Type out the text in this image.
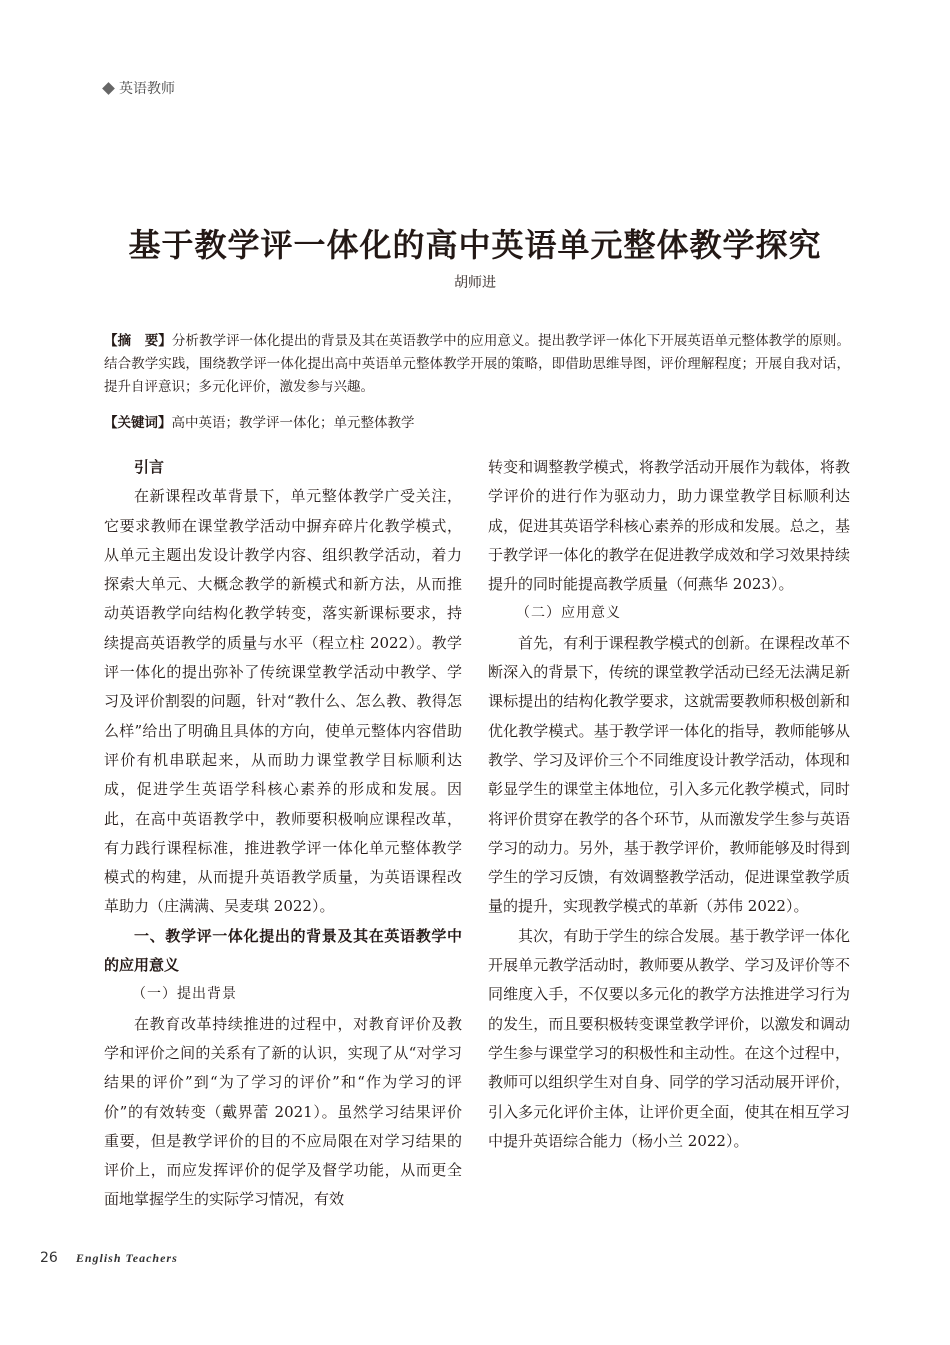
英语教师
基于教学评一体化的高中英语单元整体教学探究
胡师进
【摘　要】分析教学评一体化提出的背景及其在英语教学中的应用意义。提出教学评一体化下开展英语单元整体教学的原则。结合教学实践，围绕教学评一体化提出高中英语单元整体教学开展的策略，即借助思维导图，评价理解程度；开展自我对话，提升自评意识；多元化评价，激发参与兴趣。
【关键词】高中英语；教学评一体化；单元整体教学
引言

在新课程改革背景下，单元整体教学广受关注，它要求教师在课堂教学活动中摒弃碎片化教学模式，从单元主题出发设计教学内容、组织教学活动，着力探索大单元、大概念教学的新模式和新方法，从而推动英语教学向结构化教学转变，落实新课标要求，持续提高英语教学的质量与水平（程立柱 2022）。教学评一体化的提出弥补了传统课堂教学活动中教学、学习及评价割裂的问题，针对“教什么、怎么教、教得怎么样”给出了明确且具体的方向，使单元整体内容借助评价有机串联起来，从而助力课堂教学目标顺利达成，促进学生英语学科核心素养的形成和发展。因此，在高中英语教学中，教师要积极响应课程改革，有力践行课程标准，推进教学评一体化单元整体教学模式的构建，从而提升英语教学质量，为英语课程改革助力（庄满满、吴麦琪 2022）。

一、教学评一体化提出的背景及其在英语教学中的应用意义
（一）提出背景

在教育改革持续推进的过程中，对教育评价及教学和评价之间的关系有了新的认识，实现了从“对学习结果的评价”到“为了学习的评价”和“作为学习的评价”的有效转变（戴界蕾 2021）。虽然学习结果评价重要，但是教学评价的目的不应局限在对学习结果的评价上，而应发挥评价的促学及督学功能，从而更全面地掌握学生的实际学习情况，有效

转变和调整教学模式，将教学活动开展作为载体，将教学评价的进行作为驱动力，助力课堂教学目标顺利达成，促进其英语学科核心素养的形成和发展。总之，基于教学评一体化的教学在促进教学成效和学习效果持续提升的同时能提高教学质量（何燕华 2023）。

（二）应用意义

首先，有利于课程教学模式的创新。在课程改革不断深入的背景下，传统的课堂教学活动已经无法满足新课标提出的结构化教学要求，这就需要教师积极创新和优化教学模式。基于教学评一体化的指导，教师能够从教学、学习及评价三个不同维度设计教学活动，体现和彰显学生的课堂主体地位，引入多元化教学模式，同时将评价贯穿在教学的各个环节，从而激发学生参与英语学习的动力。另外，基于教学评价，教师能够及时得到学生的学习反馈，有效调整教学活动，促进课堂教学质量的提升，实现教学模式的革新（苏伟 2022）。

其次，有助于学生的综合发展。基于教学评一体化开展单元教学活动时，教师要从教学、学习及评价等不同维度入手，不仅要以多元化的教学方法推进学习行为的发生，而且要积极转变课堂教学评价，以激发和调动学生参与课堂学习的积极性和主动性。在这个过程中，教师可以组织学生对自身、同学的学习活动展开评价，引入多元化评价主体，让评价更全面，使其在相互学习中提升英语综合能力（杨小兰 2022）。

26 English Teachers
